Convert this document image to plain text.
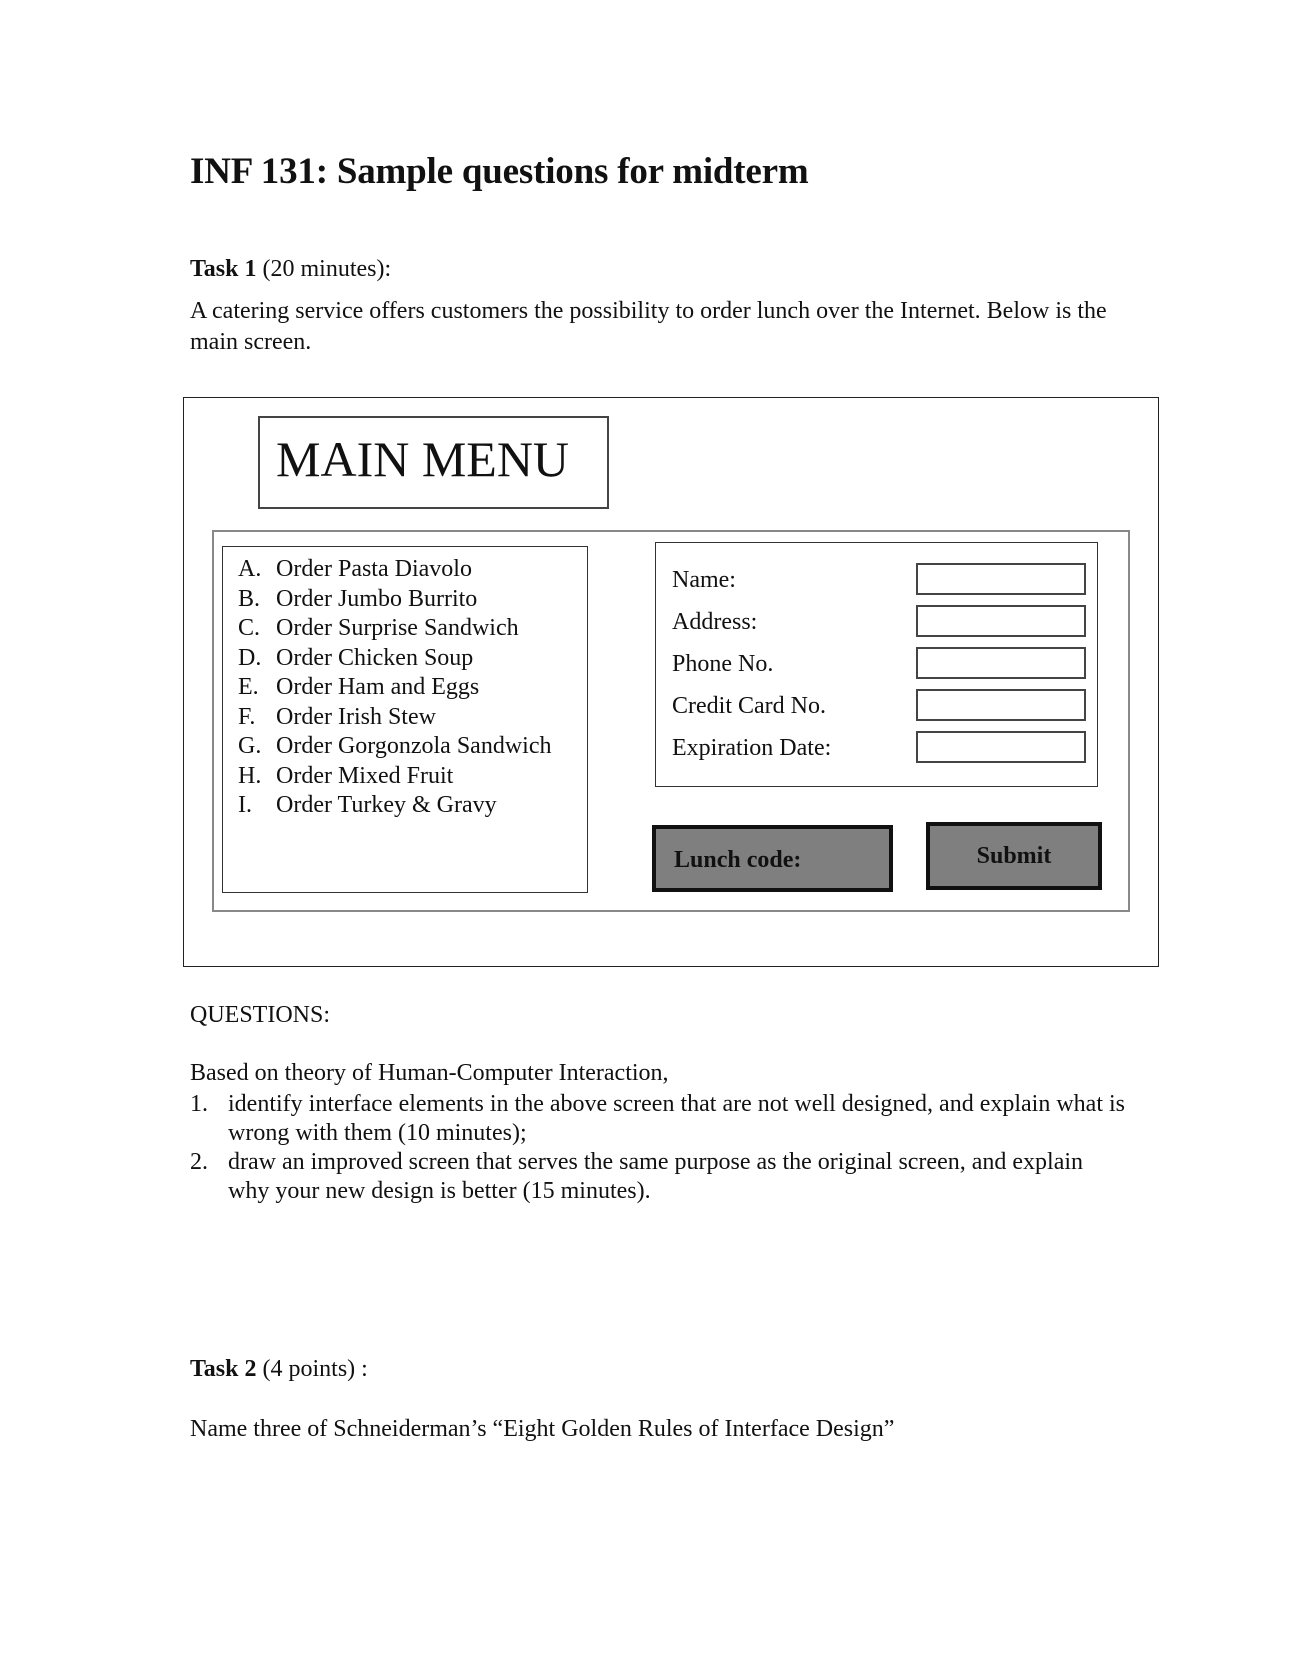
INF 131: Sample questions for midterm
Task 1 (20 minutes):
A catering service offers customers the possibility to order lunch over the Internet. Below is the main screen.
MAIN MENU
A. Order Pasta Diavolo
B. Order Jumbo Burrito
C. Order Surprise Sandwich
D. Order Chicken Soup
E. Order Ham and Eggs
F. Order Irish Stew
G. Order Gorgonzola Sandwich
H. Order Mixed Fruit
I.	Order Turkey & Gravy
Name:
Address:
Phone No.
Credit Card No.
Expiration Date:
Lunch code:	Submit
QUESTIONS:
Based on theory of Human-Computer Interaction,
1. identify interface elements in the above screen that are not well designed, and explain what is wrong with them (10 minutes);
2. draw an improved screen that serves the same purpose as the original screen, and explain why your new design is better (15 minutes).
Task 2 (4 points) :
Name three of Schneiderman’s “Eight Golden Rules of Interface Design”
